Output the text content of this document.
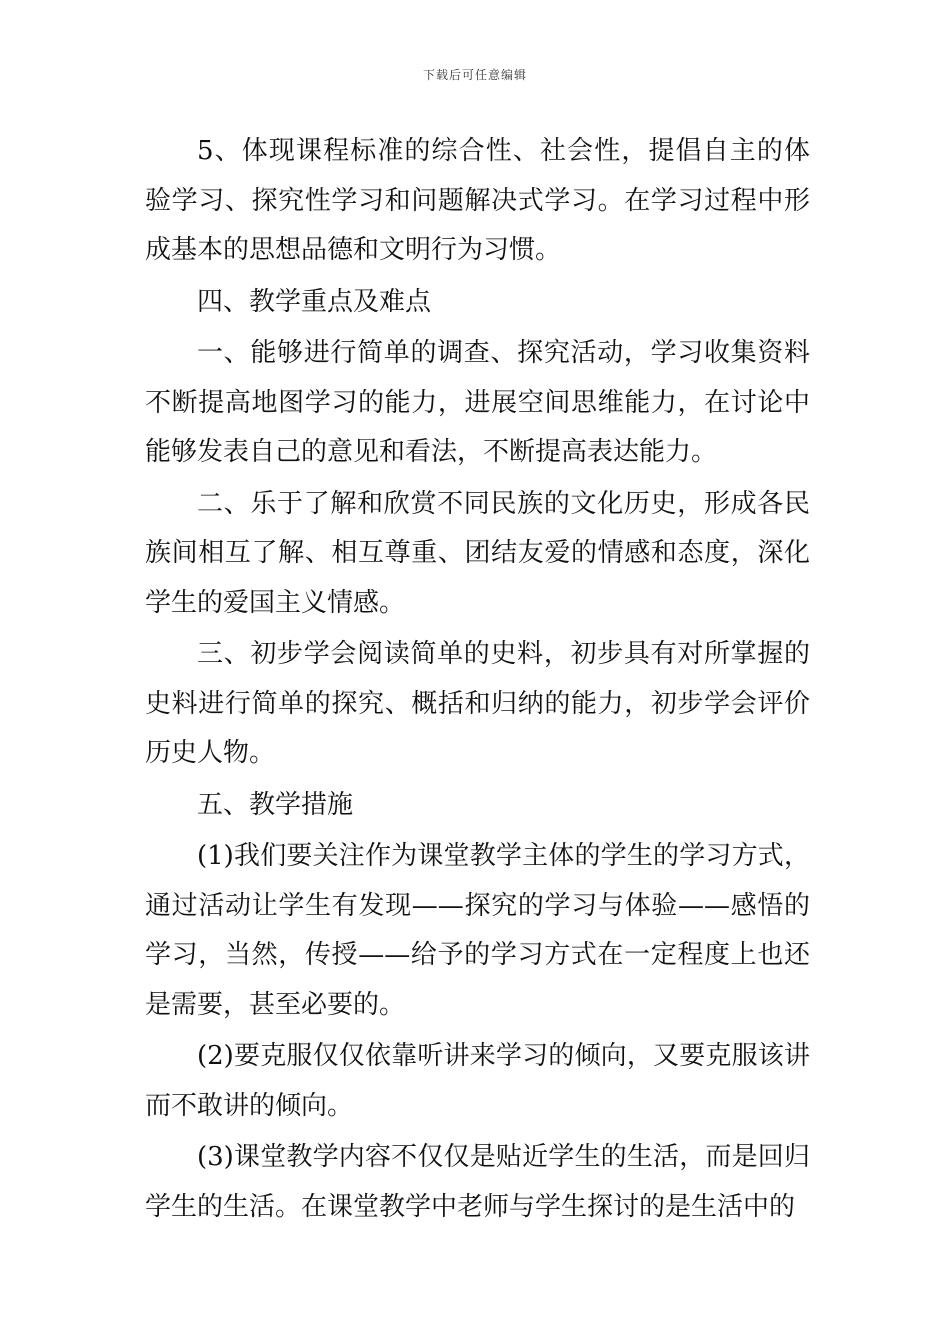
下载后可任意编辑

5、体现课程标准的综合性、社会性，提倡自主的体验学习、探究性学习和问题解决式学习。在学习过程中形成基本的思想品德和文明行为习惯。

四、教学重点及难点

一、能够进行简单的调查、探究活动，学习收集资料不断提高地图学习的能力，进展空间思维能力，在讨论中能够发表自己的意见和看法，不断提高表达能力。

二、乐于了解和欣赏不同民族的文化历史，形成各民族间相互了解、相互尊重、团结友爱的情感和态度，深化学生的爱国主义情感。

三、初步学会阅读简单的史料，初步具有对所掌握的史料进行简单的探究、概括和归纳的能力，初步学会评价历史人物。

五、教学措施

(1)我们要关注作为课堂教学主体的学生的学习方式，通过活动让学生有发现——探究的学习与体验——感悟的学习，当然，传授——给予的学习方式在一定程度上也还是需要，甚至必要的。

(2)要克服仅仅依靠听讲来学习的倾向，又要克服该讲而不敢讲的倾向。

(3)课堂教学内容不仅仅是贴近学生的生活，而是回归学生的生活。在课堂教学中老师与学生探讨的是生活中的
